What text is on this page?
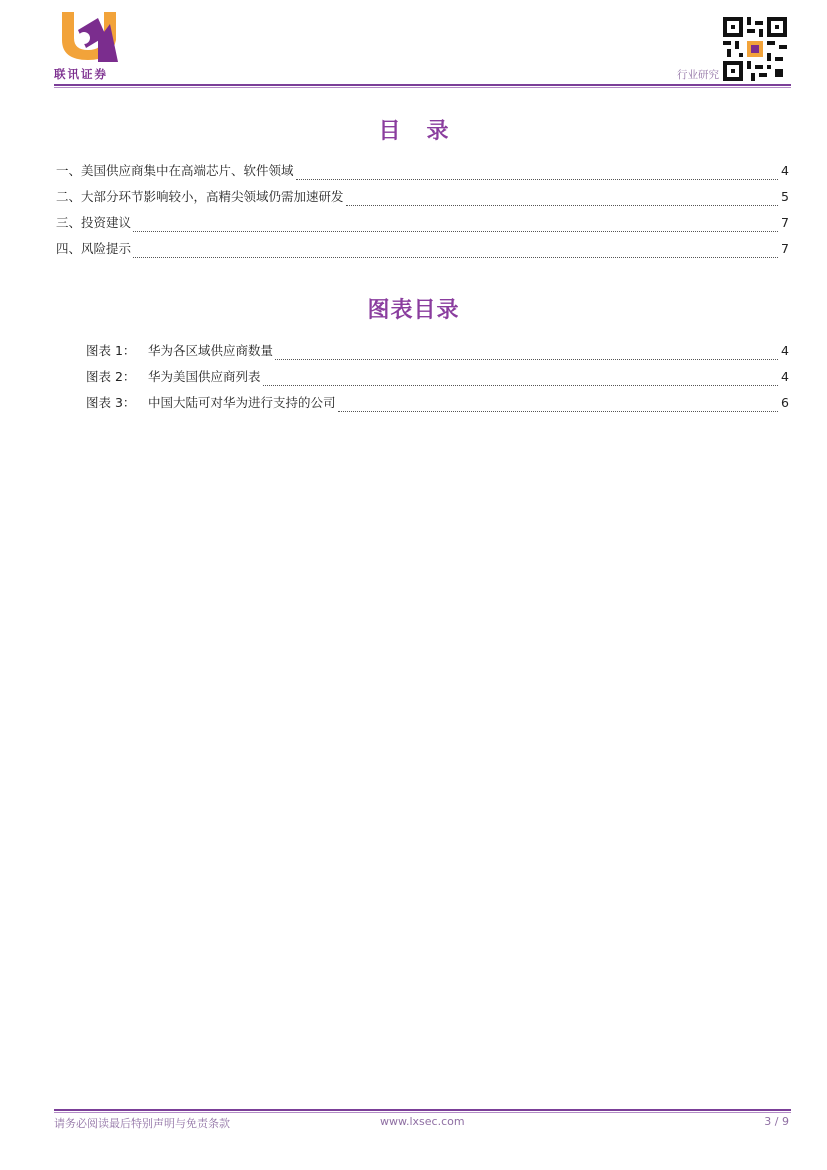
联讯证券	行业研究
目录
一、美国供应商集中在高端芯片、软件领域	4
二、大部分环节影响较小，高精尖领域仍需加速研发	5
三、投资建议	7
四、风险提示	7
图表目录
图表 1：	华为各区域供应商数量	4
图表 2：	华为美国供应商列表	4
图表 3：	中国大陆可对华为进行支持的公司	6
请务必阅读最后特别声明与免责条款	www.lxsec.com	3 / 9
